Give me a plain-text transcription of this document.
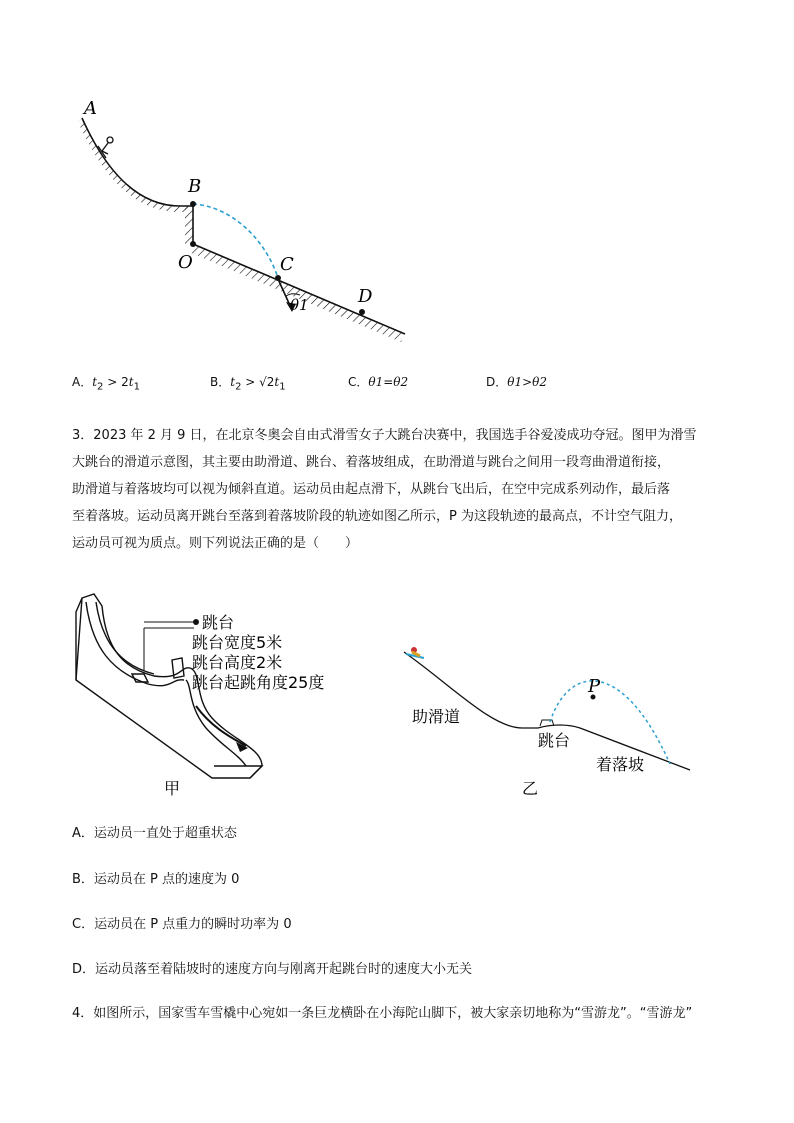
A
B
O	C
D
θ1
A．$t_2 > 2t_1$	B．$t_2 > √2t_1$	C．θ1=θ2	D．θ1>θ2

3．2023 年 2 月 9 日，在北京冬奥会自由式滑雪女子大跳台决赛中，我国选手谷爱凌成功夺冠。图甲为滑雪

大跳台的滑道示意图，其主要由助滑道、跳台、着落坡组成，在助滑道与跳台之间用一段弯曲滑道衔接，

助滑道与着落坡均可以视为倾斜直道。运动员由起点滑下，从跳台飞出后，在空中完成系列动作，最后落

至着落坡。运动员离开跳台至落到着落坡阶段的轨迹如图乙所示，P 为这段轨迹的最高点，不计空气阻力，

运动员可视为质点。则下列说法正确的是（　　）

跳台
跳台宽度5米
跳台高度2米
跳台起跳角度25度
甲
助滑道
跳台
着落坡
P
乙
A．运动员一直处于超重状态
B．运动员在 P 点的速度为 0
C．运动员在 P 点重力的瞬时功率为 0
D．运动员落至着陆坡时的速度方向与刚离开起跳台时的速度大小无关
4．如图所示，国家雪车雪橇中心宛如一条巨龙横卧在小海陀山脚下，被大家亲切地称为“雪游龙”。“雪游龙”
